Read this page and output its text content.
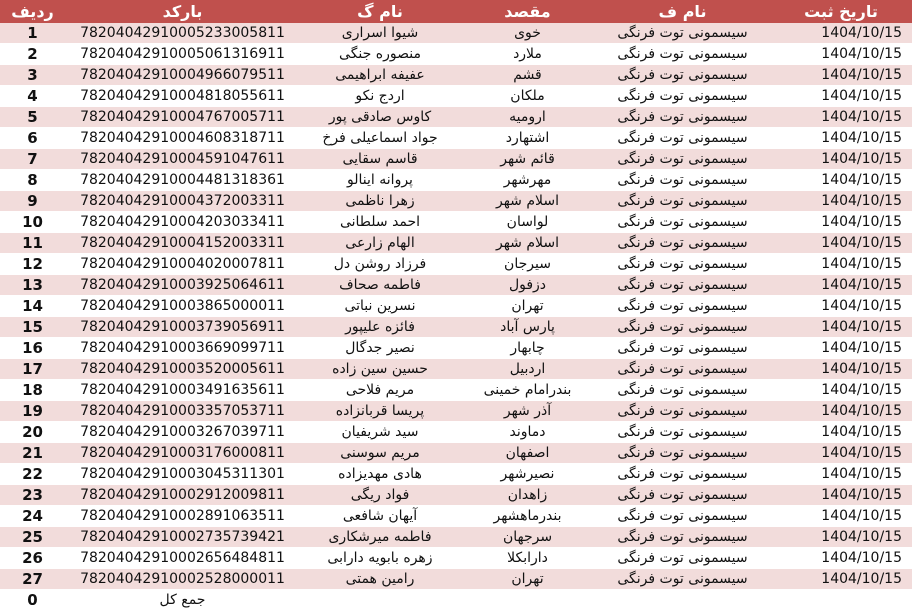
ردیف	بارکد	نام گ	مقصد	نام ف	تاریخ ثبت
1	78204042910005233005811	شیوا اسراری	خوی	سیسمونی توت فرنگی	1404/10/15
2	78204042910005061316911	منصوره جنگی	ملارد	سیسمونی توت فرنگی	1404/10/15
3	78204042910004966079511	عفیفه ابراهیمی	قشم	سیسمونی توت فرنگی	1404/10/15
4	78204042910004818055611	اردج نکو	ملکان	سیسمونی توت فرنگی	1404/10/15
5	78204042910004767005711	کاوس صادقی پور	ارومیه	سیسمونی توت فرنگی	1404/10/15
6	78204042910004608318711	جواد اسماعیلی فرخ	اشتهارد	سیسمونی توت فرنگی	1404/10/15
7	78204042910004591047611	قاسم سقایی	قائم شهر	سیسمونی توت فرنگی	1404/10/15
8	78204042910004481318361	پروانه اینالو	مهرشهر	سیسمونی توت فرنگی	1404/10/15
9	78204042910004372003311	زهرا ناظمی	اسلام شهر	سیسمونی توت فرنگی	1404/10/15
10	78204042910004203033411	احمد سلطانی	لواسان	سیسمونی توت فرنگی	1404/10/15
11	78204042910004152003311	الهام زارعی	اسلام شهر	سیسمونی توت فرنگی	1404/10/15
12	78204042910004020007811	فرزاد روشن دل	سیرجان	سیسمونی توت فرنگی	1404/10/15
13	78204042910003925064611	فاطمه صحاف	دزفول	سیسمونی توت فرنگی	1404/10/15
14	78204042910003865000011	نسرین نباتی	تهران	سیسمونی توت فرنگی	1404/10/15
15	78204042910003739056911	فائزه علیپور	پارس آباد	سیسمونی توت فرنگی	1404/10/15
16	78204042910003669099711	نصیر جدگال	چابهار	سیسمونی توت فرنگی	1404/10/15
17	78204042910003520005611	حسین سین زاده	اردبیل	سیسمونی توت فرنگی	1404/10/15
18	78204042910003491635611	مریم فلاحی	بندرامام خمینی	سیسمونی توت فرنگی	1404/10/15
19	78204042910003357053711	پریسا قربانزاده	آذر شهر	سیسمونی توت فرنگی	1404/10/15
20	78204042910003267039711	سید شریفیان	دماوند	سیسمونی توت فرنگی	1404/10/15
21	78204042910003176000811	مریم سوسنی	اصفهان	سیسمونی توت فرنگی	1404/10/15
22	78204042910003045311301	هادی مهدیزاده	نصیرشهر	سیسمونی توت فرنگی	1404/10/15
23	78204042910002912009811	فواد ریگی	زاهدان	سیسمونی توت فرنگی	1404/10/15
24	78204042910002891063511	آیهان شافعی	بندرماهشهر	سیسمونی توت فرنگی	1404/10/15
25	78204042910002735739421	فاطمه میرشکاری	سرجهان	سیسمونی توت فرنگی	1404/10/15
26	78204042910002656484811	زهره بابویه دارابی	دارابکلا	سیسمونی توت فرنگی	1404/10/15
27	78204042910002528000011	رامین همتی	تهران	سیسمونی توت فرنگی	1404/10/15
0	جمع کل				
